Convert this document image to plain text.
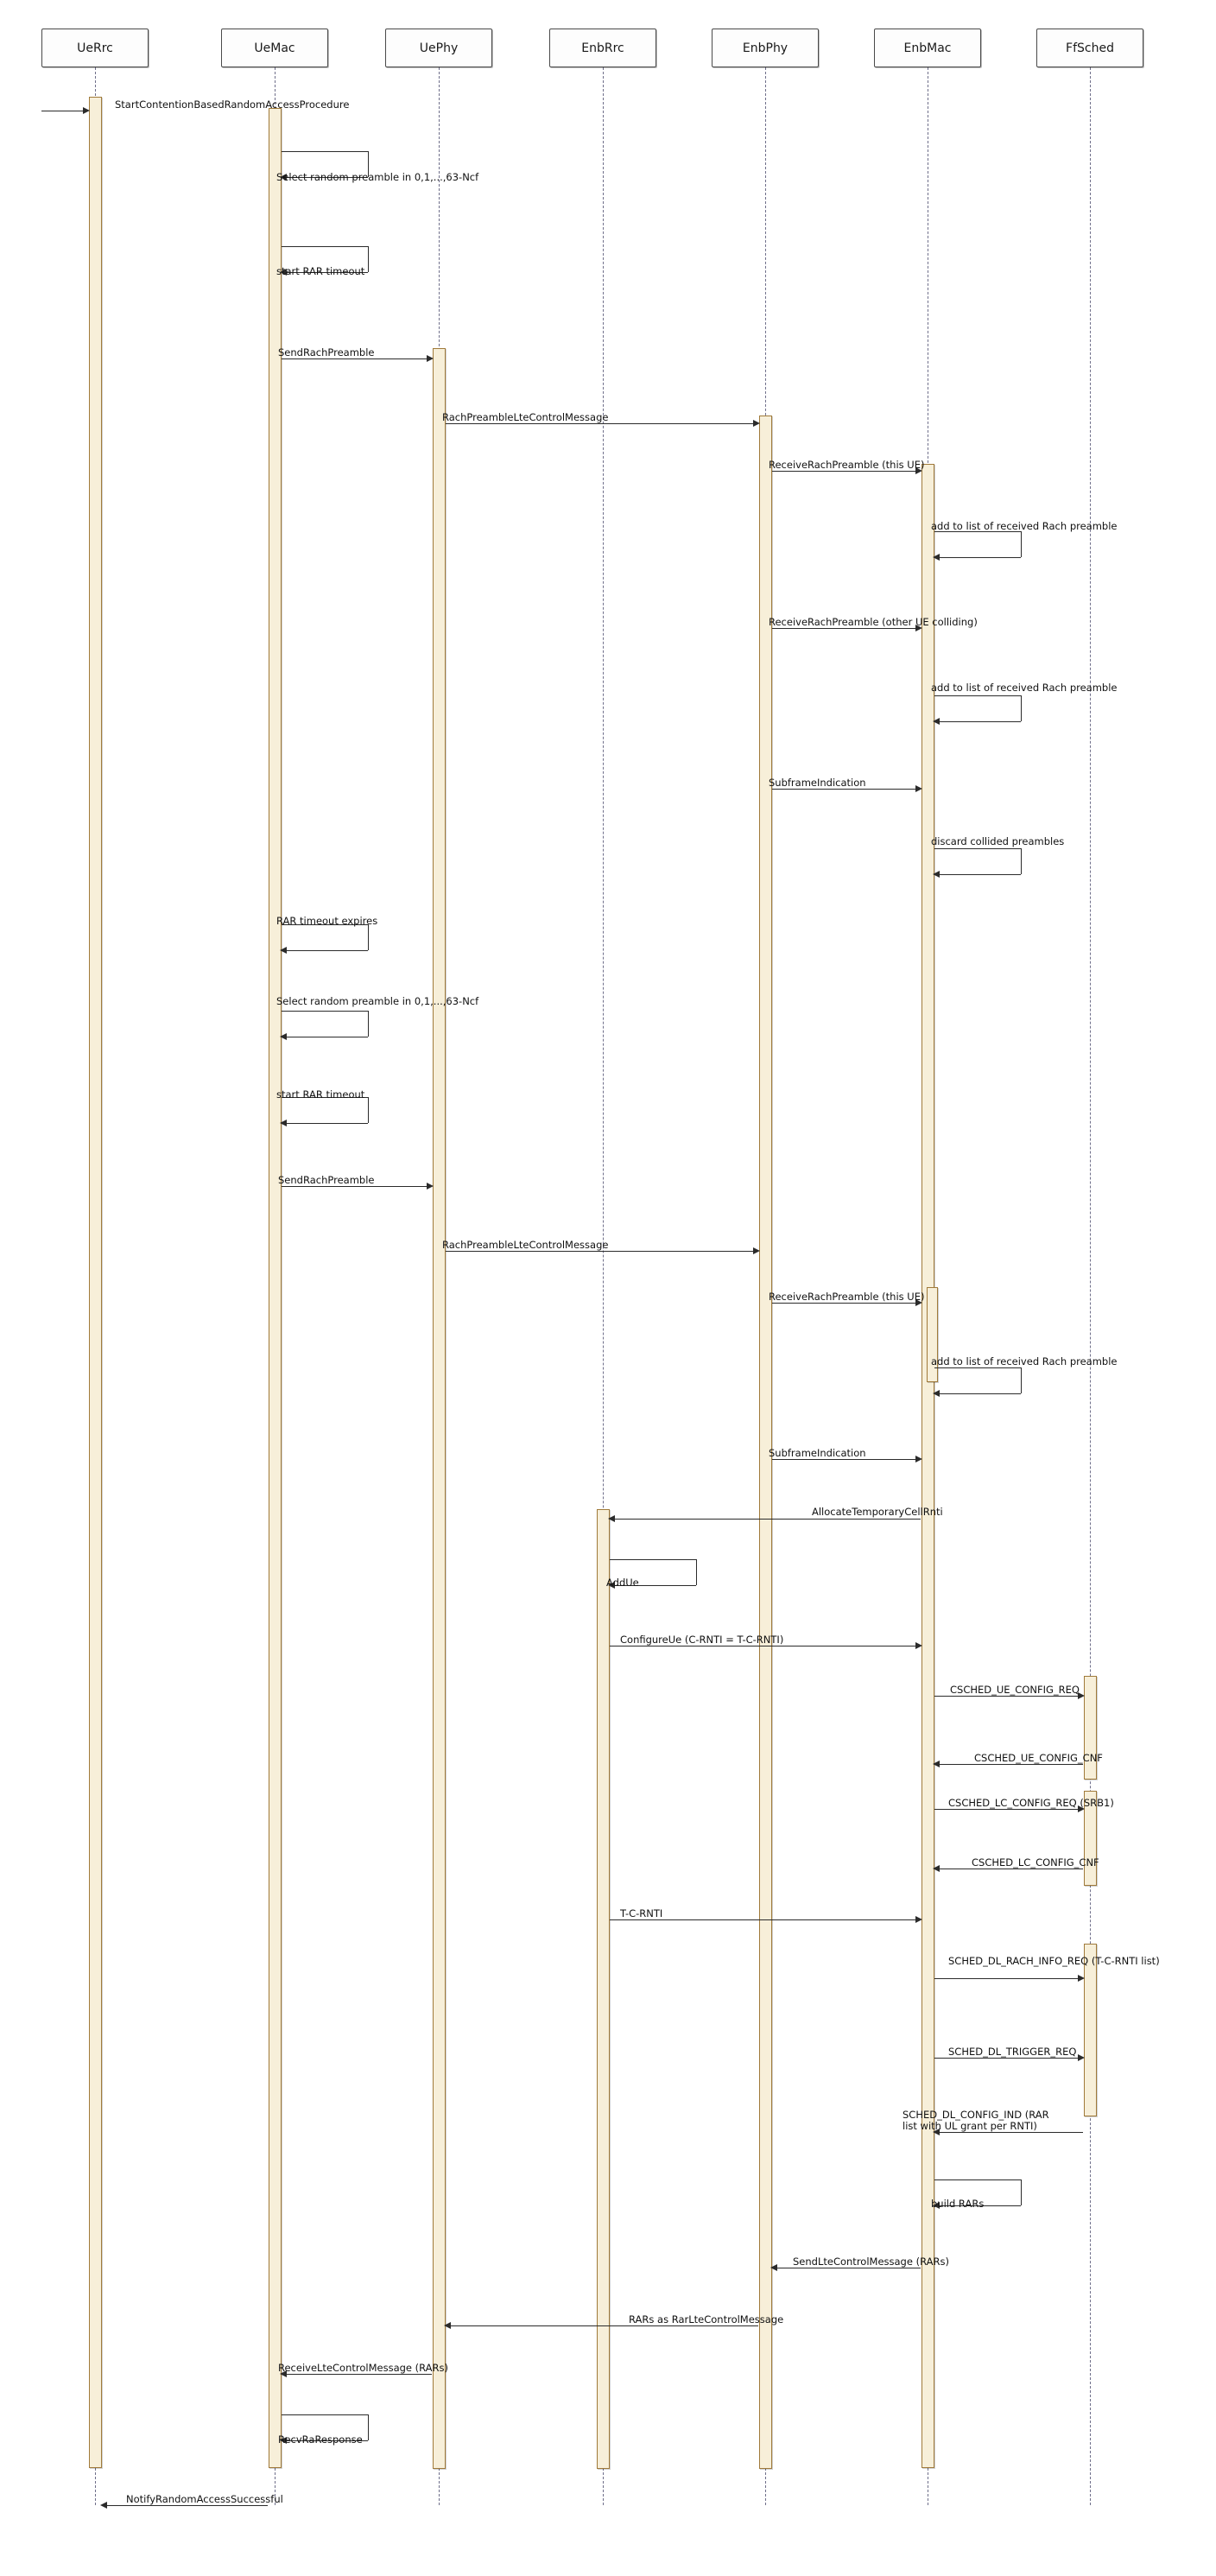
UeRrc	UeMac	UePhy	EnbRrc	EnbPhy	EnbMac	FfSched
StartContentionBasedRandomAccessProcedure
Select random preamble in 0,1,...,63-Ncf
start RAR timeout
SendRachPreamble
RachPreambleLteControlMessage
ReceiveRachPreamble (this UE)
add to list of received Rach preamble
ReceiveRachPreamble (other UE colliding)
add to list of received Rach preamble
SubframeIndication
discard collided preambles
RAR timeout expires
Select random preamble in 0,1,...,63-Ncf
start RAR timeout
SendRachPreamble
RachPreambleLteControlMessage
ReceiveRachPreamble (this UE)
add to list of received Rach preamble
SubframeIndication
AllocateTemporaryCellRnti
AddUe
ConfigureUe (C-RNTI = T-C-RNTI)
CSCHED_UE_CONFIG_REQ
CSCHED_UE_CONFIG_CNF
CSCHED_LC_CONFIG_REQ (SRB1)
CSCHED_LC_CONFIG_CNF
T-C-RNTI
SCHED_DL_RACH_INFO_REQ (T-C-RNTI list)
SCHED_DL_TRIGGER_REQ
SCHED_DL_CONFIG_IND (RAR list with UL grant per RNTI)
build RARs
SendLteControlMessage (RARs)
RARs as RarLteControlMessage
ReceiveLteControlMessage (RARs)
RecvRaResponse
NotifyRandomAccessSuccessful
